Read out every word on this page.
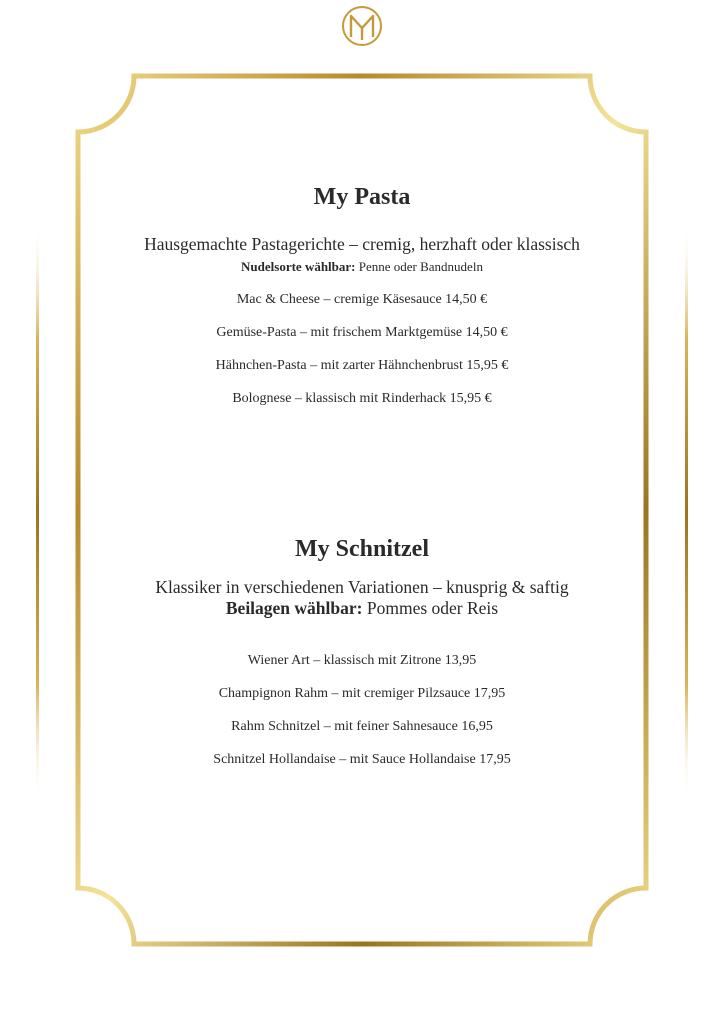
My Pasta

Hausgemachte Pastagerichte – cremig, herzhaft oder klassisch

Nudelsorte wählbar: Penne oder Bandnudeln

Mac & Cheese – cremige Käsesauce 14,50 €

Gemüse-Pasta – mit frischem Marktgemüse 14,50 €

Hähnchen-Pasta – mit zarter Hähnchenbrust 15,95 €

Bolognese – klassisch mit Rinderhack 15,95 €

My Schnitzel

Klassiker in verschiedenen Variationen – knusprig & saftig

Beilagen wählbar: Pommes oder Reis

Wiener Art – klassisch mit Zitrone 13,95

Champignon Rahm – mit cremiger Pilzsauce 17,95

Rahm Schnitzel – mit feiner Sahnesauce 16,95

Schnitzel Hollandaise – mit Sauce Hollandaise 17,95
